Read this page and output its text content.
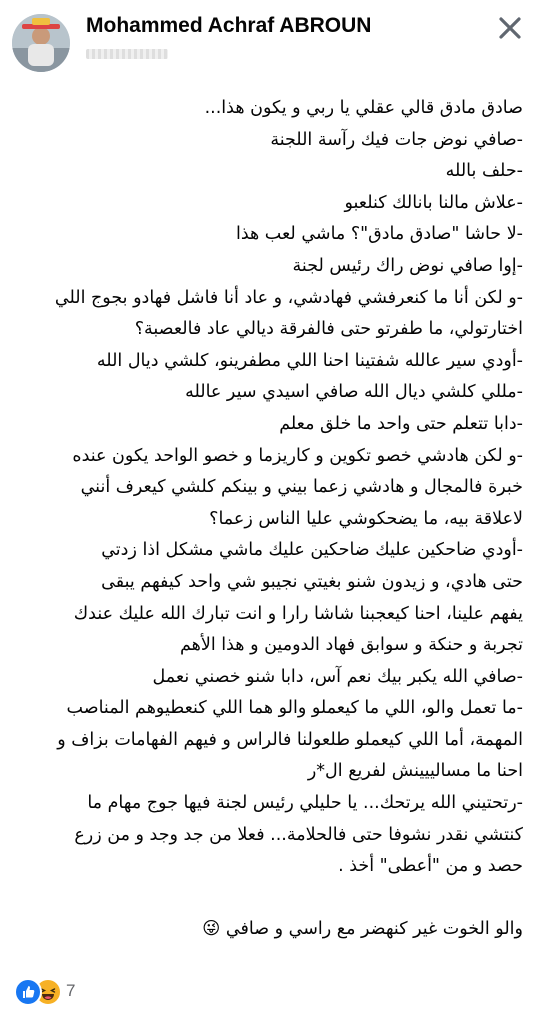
Mohammed Achraf ABROUN
صادق مادق قالي عقلي يا ربي و يكون هذا...
-صافي نوض جات فيك رآسة اللجنة
-حلف بالله
-علاش مالنا بانالك كنلعبو
-لا حاشا "صادق مادق"؟ ماشي لعب هذا
-إوا صافي نوض راك رئيس لجنة
-و لكن أنا ما كنعرفشي فهادشي، و عاد أنا فاشل فهادو بجوج اللي
اختارتولي، ما طفرتو حتى فالفرقة ديالي عاد فالعصبة؟
-أودي سير عالله شفتينا احنا اللي مطفرينو، كلشي ديال الله
-مللي كلشي ديال الله صافي اسيدي سير عالله
-دابا تتعلم حتى واحد ما خلق معلم
-و لكن هادشي خصو تكوين و كاريزما و خصو الواحد يكون عنده
خبرة فالمجال و هادشي زعما بيني و بينكم كلشي كيعرف أنني
لاعلاقة بيه، ما يضحكوشي عليا الناس زعما؟
-أودي ضاحكين عليك ضاحكين عليك ماشي مشكل اذا زدتي
حتى هادي، و زيدون شنو بغيتي نجيبو شي واحد كيفهم يبقى
يفهم علينا، احنا كيعجبنا شاشا رارا و انت تبارك الله عليك عندك
تجربة و حنكة و سوابق فهاد الدومين و هذا الأهم
-صافي الله يكبر بيك نعم آس، دابا شنو خصني نعمل
-ما تعمل والو، اللي ما كيعملو والو هما اللي كنعطيوهم المناصب
المهمة، أما اللي كيعملو طلعولنا فالراس و فيهم الفهامات بزاف و
احنا ما مسالييينش لفريع ال*ر
-رتحتيني الله يرتحك... يا حليلي رئيس لجنة فيها جوج مهام ما
كنتشي نقدر نشوفا حتى فالحلامة... فعلا من جد وجد و من زرع
حصد و من "أعطى" أخذ .
والو الخوت غير كنهضر مع راسي و صافي 😜
7
